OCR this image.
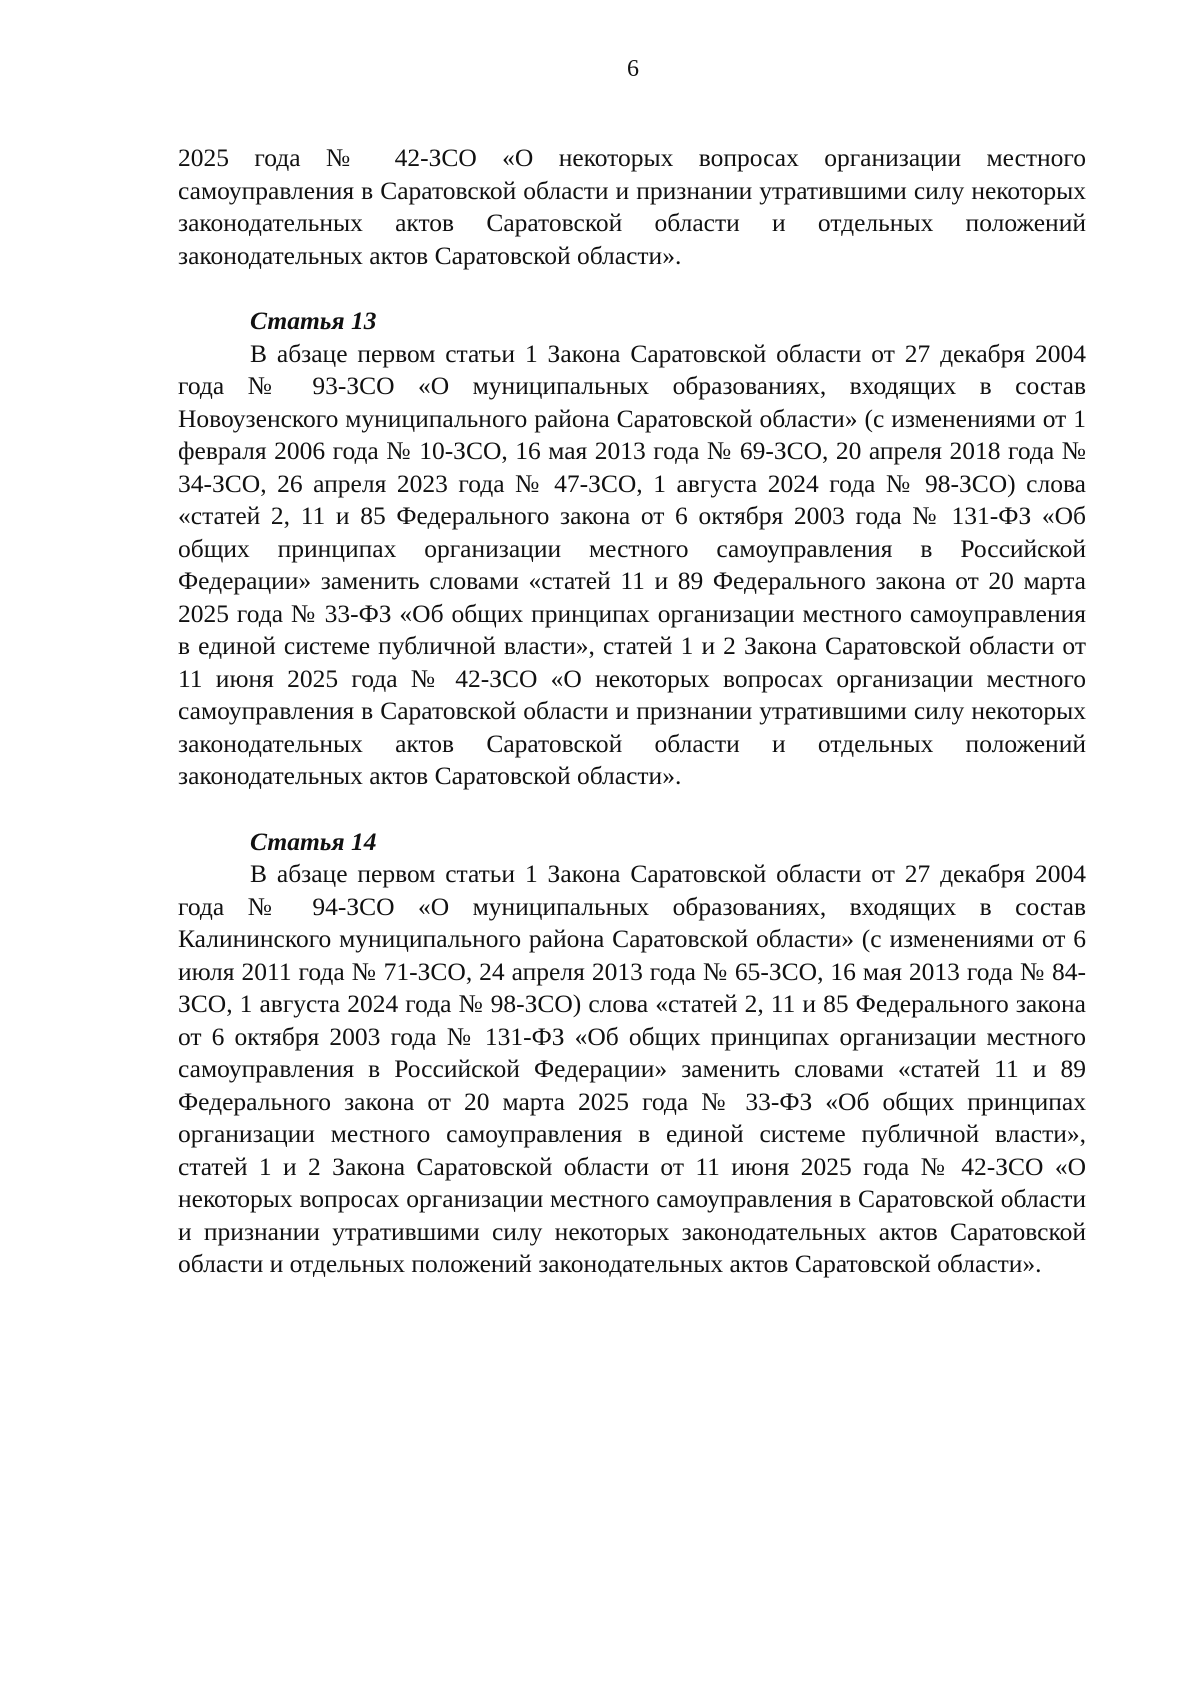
6

2025 года № 42-ЗСО «О некоторых вопросах организации местного самоуправления в Саратовской области и признании утратившими силу некоторых законодательных актов Саратовской области и отдельных положений законодательных актов Саратовской области».

Статья 13

В абзаце первом статьи 1 Закона Саратовской области от 27 декабря 2004 года № 93-ЗСО «О муниципальных образованиях, входящих в состав Новоузенского муниципального района Саратовской области» (с изменениями от 1 февраля 2006 года № 10-ЗСО, 16 мая 2013 года № 69-ЗСО, 20 апреля 2018 года № 34-ЗСО, 26 апреля 2023 года № 47-ЗСО, 1 августа 2024 года № 98-ЗСО) слова «статей 2, 11 и 85 Федерального закона от 6 октября 2003 года № 131-ФЗ «Об общих принципах организации местного самоуправления в Российской Федерации» заменить словами «статей 11 и 89 Федерального закона от 20 марта 2025 года № 33-ФЗ «Об общих принципах организации местного самоуправления в единой системе публичной власти», статей 1 и 2 Закона Саратовской области от 11 июня 2025 года № 42-ЗСО «О некоторых вопросах организации местного самоуправления в Саратовской области и признании утратившими силу некоторых законодательных актов Саратовской области и отдельных положений законодательных актов Саратовской области».

Статья 14

В абзаце первом статьи 1 Закона Саратовской области от 27 декабря 2004 года № 94-ЗСО «О муниципальных образованиях, входящих в состав Калининского муниципального района Саратовской области» (с изменениями от 6 июля 2011 года № 71-ЗСО, 24 апреля 2013 года № 65-ЗСО, 16 мая 2013 года № 84-ЗСО, 1 августа 2024 года № 98-ЗСО) слова «статей 2, 11 и 85 Федерального закона от 6 октября 2003 года № 131-ФЗ «Об общих принципах организации местного самоуправления в Российской Федерации» заменить словами «статей 11 и 89 Федерального закона от 20 марта 2025 года № 33-ФЗ «Об общих принципах организации местного самоуправления в единой системе публичной власти», статей 1 и 2 Закона Саратовской области от 11 июня 2025 года № 42-ЗСО «О некоторых вопросах организации местного самоуправления в Саратовской области и признании утратившими силу некоторых законодательных актов Саратовской области и отдельных положений законодательных актов Саратовской области».
